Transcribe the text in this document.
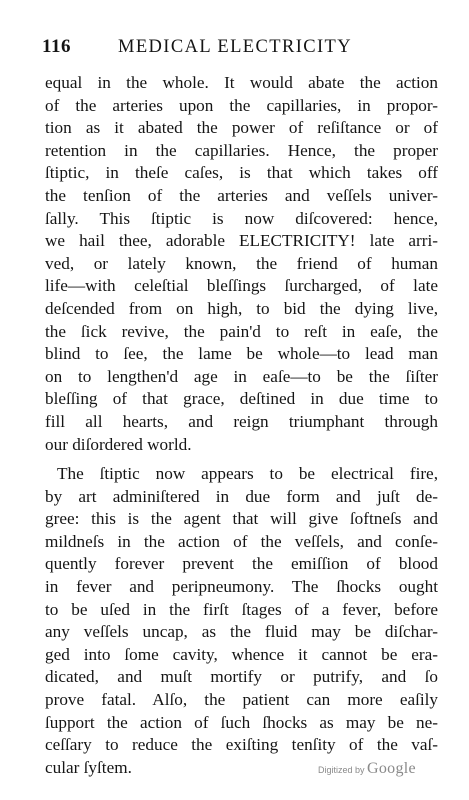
116	MEDICAL ELECTRICITY
equal in the whole. It would abate the action
of the arteries upon the capillaries, in propor-
tion as it abated the power of reſiſtance or of
retention in the capillaries. Hence, the proper
ſtiptic, in theſe caſes, is that which takes off
the tenſion of the arteries and veſſels univer-
ſally. This ſtiptic is now diſcovered: hence,
we hail thee, adorable ELECTRICITY! late arri-
ved, or lately known, the friend of human
life—with celeſtial bleſſings ſurcharged, of late
deſcended from on high, to bid the dying live,
the ſick revive, the pain'd to reſt in eaſe, the
blind to ſee, the lame be whole—to lead man
on to lengthen'd age in eaſe—to be the ſiſter
bleſſing of that grace, deſtined in due time to
fill all hearts, and reign triumphant through
our diſordered world.
The ſtiptic now appears to be electrical fire,
by art adminiſtered in due form and juſt de-
gree: this is the agent that will give ſoftneſs and
mildneſs in the action of the veſſels, and conſe-
quently forever prevent the emiſſion of blood
in fever and peripneumony. The ſhocks ought
to be uſed in the firſt ſtages of a fever, before
any veſſels uncap, as the fluid may be diſchar-
ged into ſome cavity, whence it cannot be era-
dicated, and muſt mortify or putrify, and ſo
prove fatal. Alſo, the patient can more eaſily
ſupport the action of ſuch ſhocks as may be ne-
ceſſary to reduce the exiſting tenſity of the vaſ-
cular ſyſtem.	Digitized by Google
